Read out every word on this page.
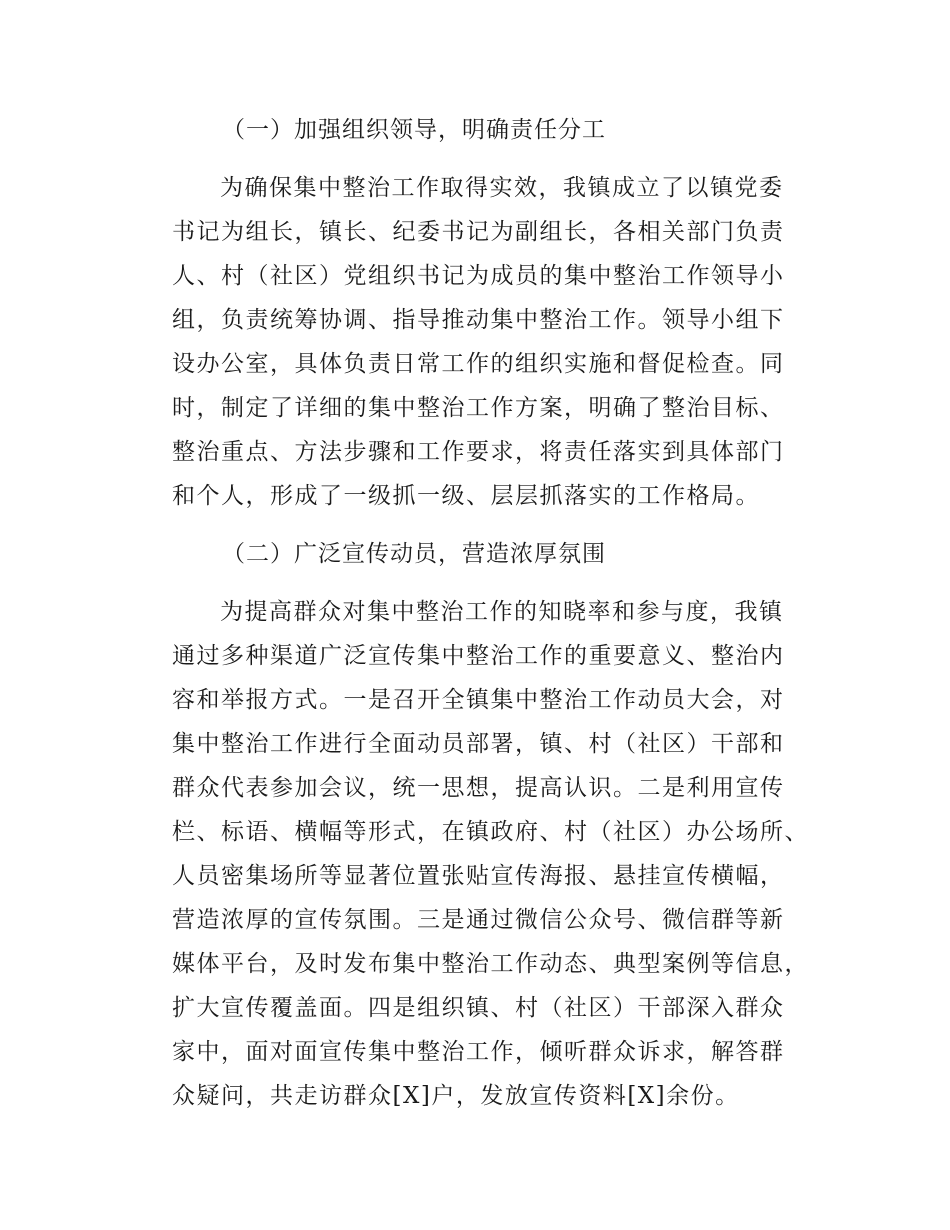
（一）加强组织领导，明确责任分工
为确保集中整治工作取得实效，我镇成立了以镇党委
书记为组长，镇长、纪委书记为副组长，各相关部门负责
人、村（社区）党组织书记为成员的集中整治工作领导小
组，负责统筹协调、指导推动集中整治工作。领导小组下
设办公室，具体负责日常工作的组织实施和督促检查。同
时，制定了详细的集中整治工作方案，明确了整治目标、
整治重点、方法步骤和工作要求，将责任落实到具体部门
和个人，形成了一级抓一级、层层抓落实的工作格局。
（二）广泛宣传动员，营造浓厚氛围
为提高群众对集中整治工作的知晓率和参与度，我镇
通过多种渠道广泛宣传集中整治工作的重要意义、整治内
容和举报方式。一是召开全镇集中整治工作动员大会，对
集中整治工作进行全面动员部署，镇、村（社区）干部和
群众代表参加会议，统一思想，提高认识。二是利用宣传
栏、标语、横幅等形式，在镇政府、村（社区）办公场所、
人员密集场所等显著位置张贴宣传海报、悬挂宣传横幅，
营造浓厚的宣传氛围。三是通过微信公众号、微信群等新
媒体平台，及时发布集中整治工作动态、典型案例等信息，
扩大宣传覆盖面。四是组织镇、村（社区）干部深入群众
家中，面对面宣传集中整治工作，倾听群众诉求，解答群
众疑问，共走访群众[X]户，发放宣传资料[X]余份。
